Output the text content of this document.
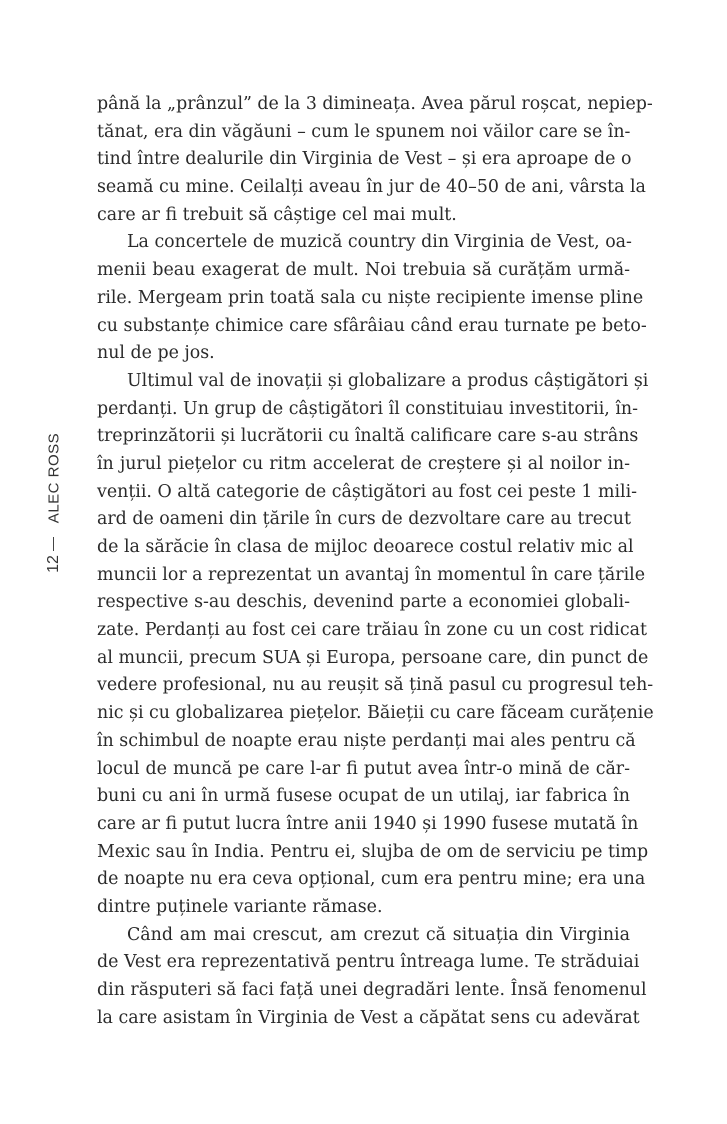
ALEC ROSS
12
până la „prânzul” de la 3 dimineața. Avea părul roșcat, nepiep-
tănat, era din văgăuni – cum le spunem noi văilor care se în-
tind între dealurile din Virginia de Vest – și era aproape de o
seamă cu mine. Ceilalți aveau în jur de 40–50 de ani, vârsta la
care ar fi trebuit să câștige cel mai mult.
La concertele de muzică country din Virginia de Vest, oa-
menii beau exagerat de mult. Noi trebuia să curățăm urmă-
rile. Mergeam prin toată sala cu niște recipiente imense pline
cu substanțe chimice care sfârâiau când erau turnate pe beto-
nul de pe jos.
Ultimul val de inovații și globalizare a produs câștigători și
perdanți. Un grup de câștigători îl constituiau investitorii, în-
treprinzătorii și lucrătorii cu înaltă calificare care s-au strâns
în jurul piețelor cu ritm accelerat de creștere și al noilor in-
venții. O altă categorie de câștigători au fost cei peste 1 mili-
ard de oameni din țările în curs de dezvoltare care au trecut
de la sărăcie în clasa de mijloc deoarece costul relativ mic al
muncii lor a reprezentat un avantaj în momentul în care țările
respective s-au deschis, devenind parte a economiei globali-
zate. Perdanți au fost cei care trăiau în zone cu un cost ridicat
al muncii, precum SUA și Europa, persoane care, din punct de
vedere profesional, nu au reușit să țină pasul cu progresul teh-
nic și cu globalizarea piețelor. Băieții cu care făceam curățenie
în schimbul de noapte erau niște perdanți mai ales pentru că
locul de muncă pe care l-ar fi putut avea într-o mină de căr-
buni cu ani în urmă fusese ocupat de un utilaj, iar fabrica în
care ar fi putut lucra între anii 1940 și 1990 fusese mutată în
Mexic sau în India. Pentru ei, slujba de om de serviciu pe timp
de noapte nu era ceva opțional, cum era pentru mine; era una
dintre puținele variante rămase.
Când am mai crescut, am crezut că situația din Virginia
de Vest era reprezentativă pentru întreaga lume. Te străduiai
din răsputeri să faci față unei degradări lente. Însă fenomenul
la care asistam în Virginia de Vest a căpătat sens cu adevărat
